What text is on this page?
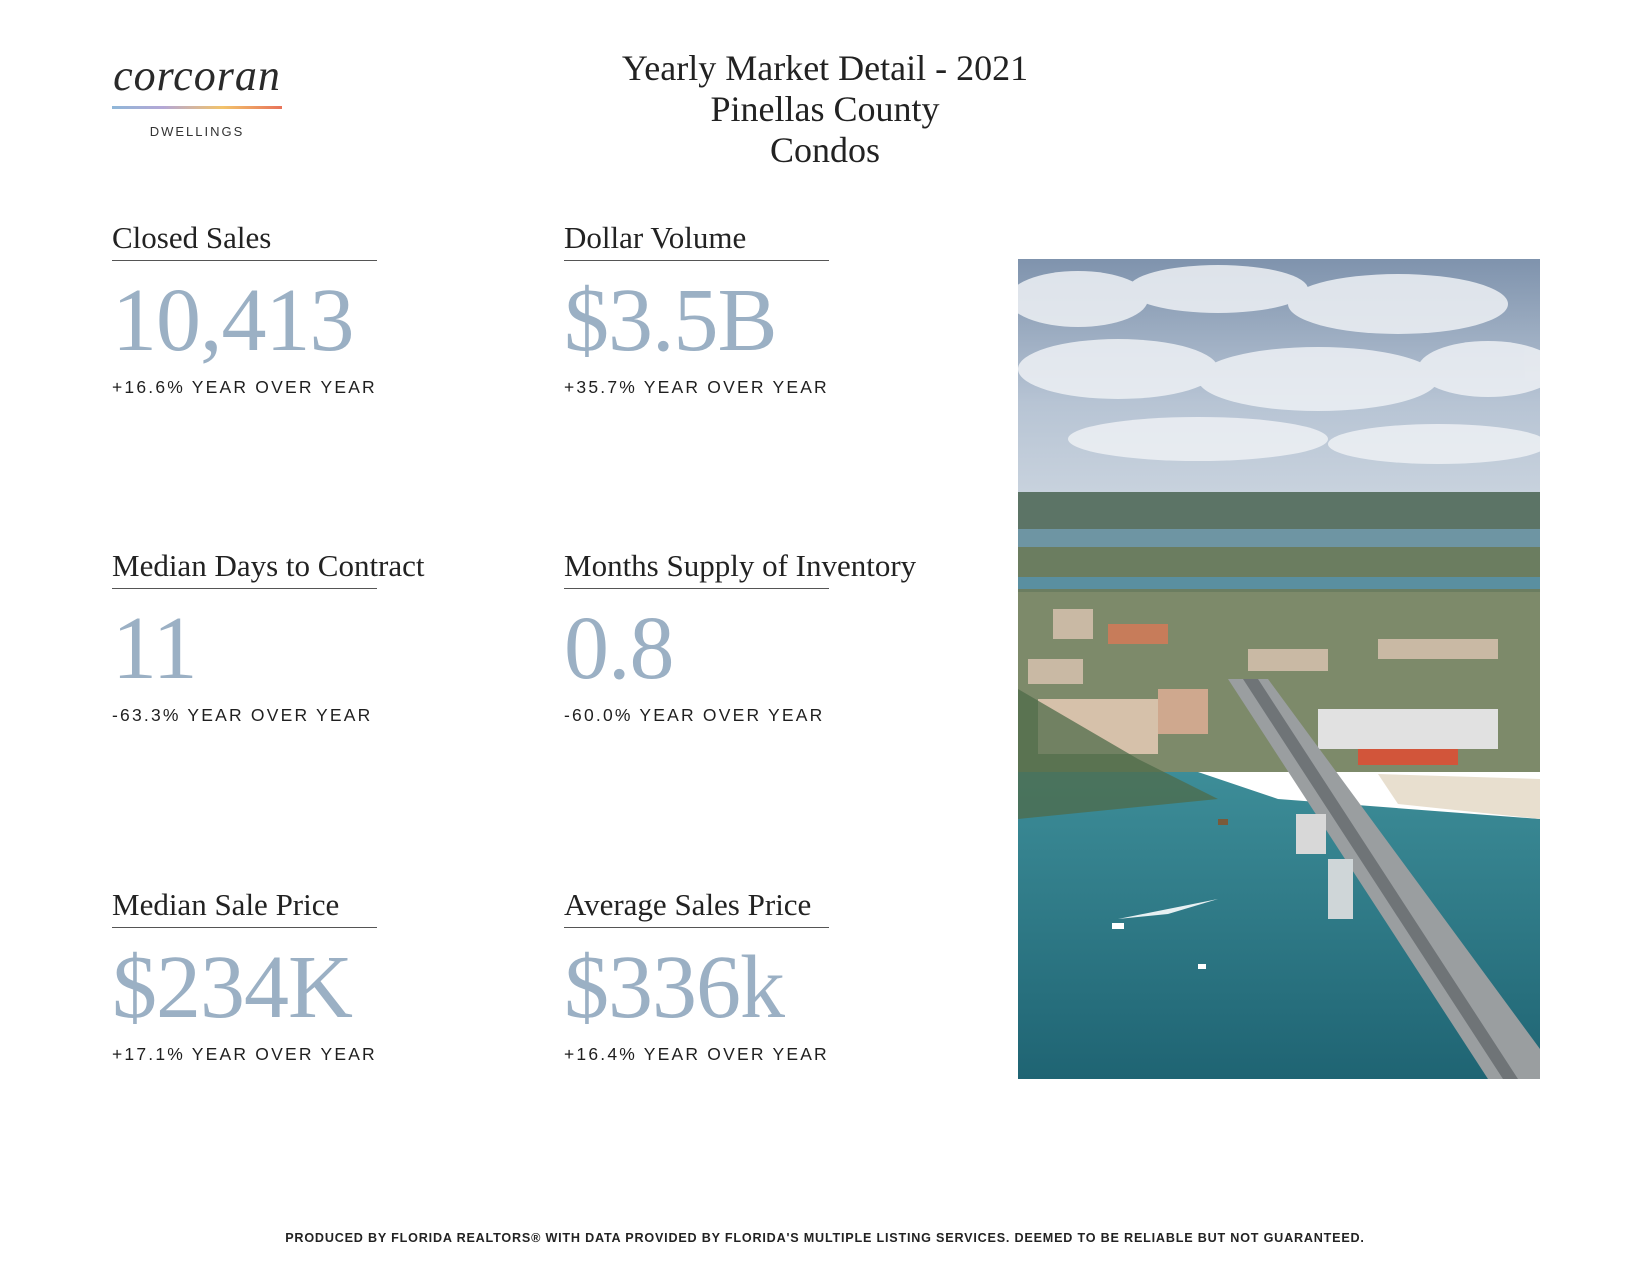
corcoran
DWELLINGS
Yearly Market Detail - 2021
Pinellas County
Condos
Closed Sales
10,413
+16.6% YEAR OVER YEAR
Dollar Volume
$3.5B
+35.7% YEAR OVER YEAR
Median Days to Contract
11
-63.3% YEAR OVER YEAR
Months Supply of Inventory
0.8
-60.0% YEAR OVER YEAR
Median Sale Price
$234K
+17.1% YEAR OVER YEAR
Average Sales Price
$336k
+16.4% YEAR OVER YEAR
PRODUCED BY FLORIDA REALTORS® WITH DATA PROVIDED BY FLORIDA'S MULTIPLE LISTING SERVICES. DEEMED TO BE RELIABLE BUT NOT GUARANTEED.
